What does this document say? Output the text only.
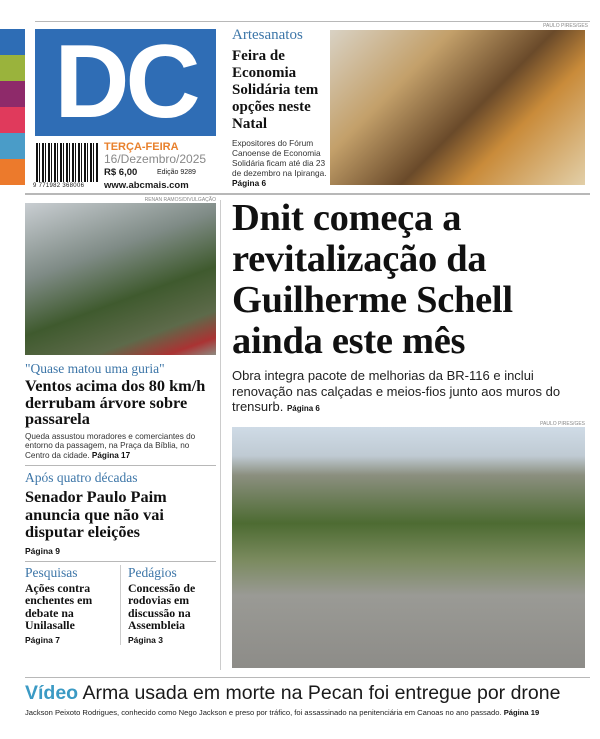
DC
9 771982 368006
TERÇA-FEIRA
16/Dezembro/2025
R$ 6,00	Edição 9289
www.abcmais.com
Artesanatos
Feira de Economia Solidária tem opções neste Natal
Expositores do Fórum Canoense de Economia Solidária ficam até dia 23 de dezembro na Ipiranga. Página 6
PAULO PIRES/GES
RENAN RAMOS/DIVULGAÇÃO
"Quase matou uma guria"
Ventos acima dos 80 km/h derrubam árvore sobre passarela
Queda assustou moradores e comerciantes do entorno da passagem, na Praça da Bíblia, no Centro da cidade. Página 17
Após quatro décadas
Senador Paulo Paim anuncia que não vai disputar eleições
Página 9
Pesquisas
Ações contra enchentes em debate na Unilasalle
Página 7
Pedágios
Concessão de rodovias em discussão na Assembleia
Página 3
Dnit começa a revitalização da Guilherme Schell ainda este mês
Obra integra pacote de melhorias da BR-116 e inclui renovação nas calçadas e meios-fios junto aos muros do trensurb. Página 6
PAULO PIRES/GES
Vídeo Arma usada em morte na Pecan foi entregue por drone
Jackson Peixoto Rodrigues, conhecido como Nego Jackson e preso por tráfico, foi assassinado na penitenciária em Canoas no ano passado. Página 19
